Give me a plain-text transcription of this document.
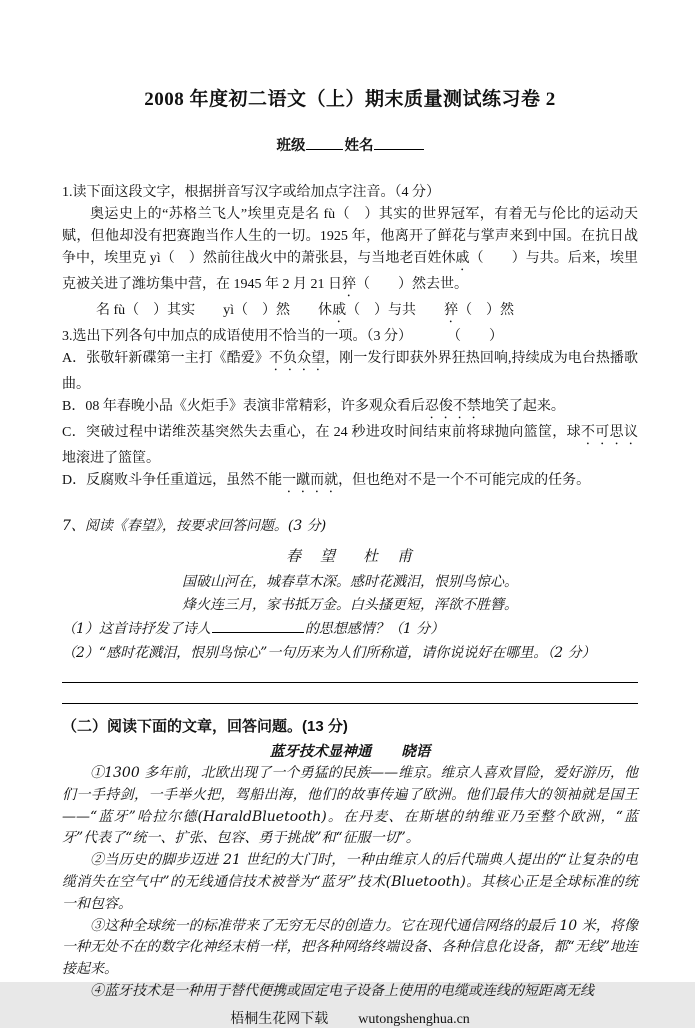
2008 年度初二语文（上）期末质量测试练习卷 2
班级	姓名

1.读下面这段文字，根据拼音写汉字或给加点字注音。（4 分）

奥运史上的“苏格兰飞人”埃里克是名 fù（　）其实的世界冠军，有着无与伦比的运动天赋，但他却没有把赛跑当作人生的一切。1925 年，他离开了鲜花与掌声来到中国。在抗日战争中，埃里克 yì（　）然前往战火中的萧张县，与当地老百姓休戚（　　）与共。后来，埃里克被关进了潍坊集中营，在 1945 年 2 月 21 日猝（　　）然去世。

名 fù（　）其实　　yì（　）然　　休戚（　）与共　　猝（　）然

3.选出下列各句中加点的成语使用不恰当的一项。（3 分）	（　　）

A．张敬轩新碟第一主打《酷爱》不负众望，刚一发行即获外界狂热回响,持续成为电台热播歌曲。

B．08 年春晚小品《火炬手》表演非常精彩，许多观众看后忍俊不禁地笑了起来。

C．突破过程中诺维茨基突然失去重心，在 24 秒进攻时间结束前将球抛向篮筐，球不可思议地滚进了篮筐。

D．反腐败斗争任重道远，虽然不能一蹴而就，但也绝对不是一个不可能完成的任务。

7、阅读《春望》，按要求回答问题。(3 分)

春　望 杜　甫
国破山河在，城春草木深。感时花溅泪，恨别鸟惊心。
烽火连三月，家书抵万金。白头搔更短，浑欲不胜簪。

（1）这首诗抒发了诗人	的思想感情？（1 分）

（2）“感时花溅泪，恨别鸟惊心”一句历来为人们所称道，请你说说好在哪里。（2 分）

（二）阅读下面的文章，回答问题。(13 分)

蓝牙技术显神通 晓语

①1300 多年前，北欧出现了一个勇猛的民族——维京。维京人喜欢冒险，爱好游历，他们一手持剑，一手举火把，驾船出海，他们的故事传遍了欧洲。他们最伟大的领袖就是国王——“蓝牙”哈拉尔德(HaraldBluetooth)。在丹麦、在斯堪的纳维亚乃至整个欧洲，“蓝牙”代表了“统一、扩张、包容、勇于挑战”和“征服一切”。

②当历史的脚步迈进 21 世纪的大门时，一种由维京人的后代瑞典人提出的“让复杂的电缆消失在空气中”的无线通信技术被誉为“蓝牙”技术(Bluetooth)。其核心正是全球标准的统一和包容。

③这种全球统一的标准带来了无穷无尽的创造力。它在现代通信网络的最后 10 米，将像一种无处不在的数字化神经末梢一样，把各种网络终端设备、各种信息化设备，都“无线”地连接起来。

④蓝牙技术是一种用于替代便携或固定电子设备上使用的电缆或连线的短距离无线

梧桐生花网下载 wutongshenghua.cn
